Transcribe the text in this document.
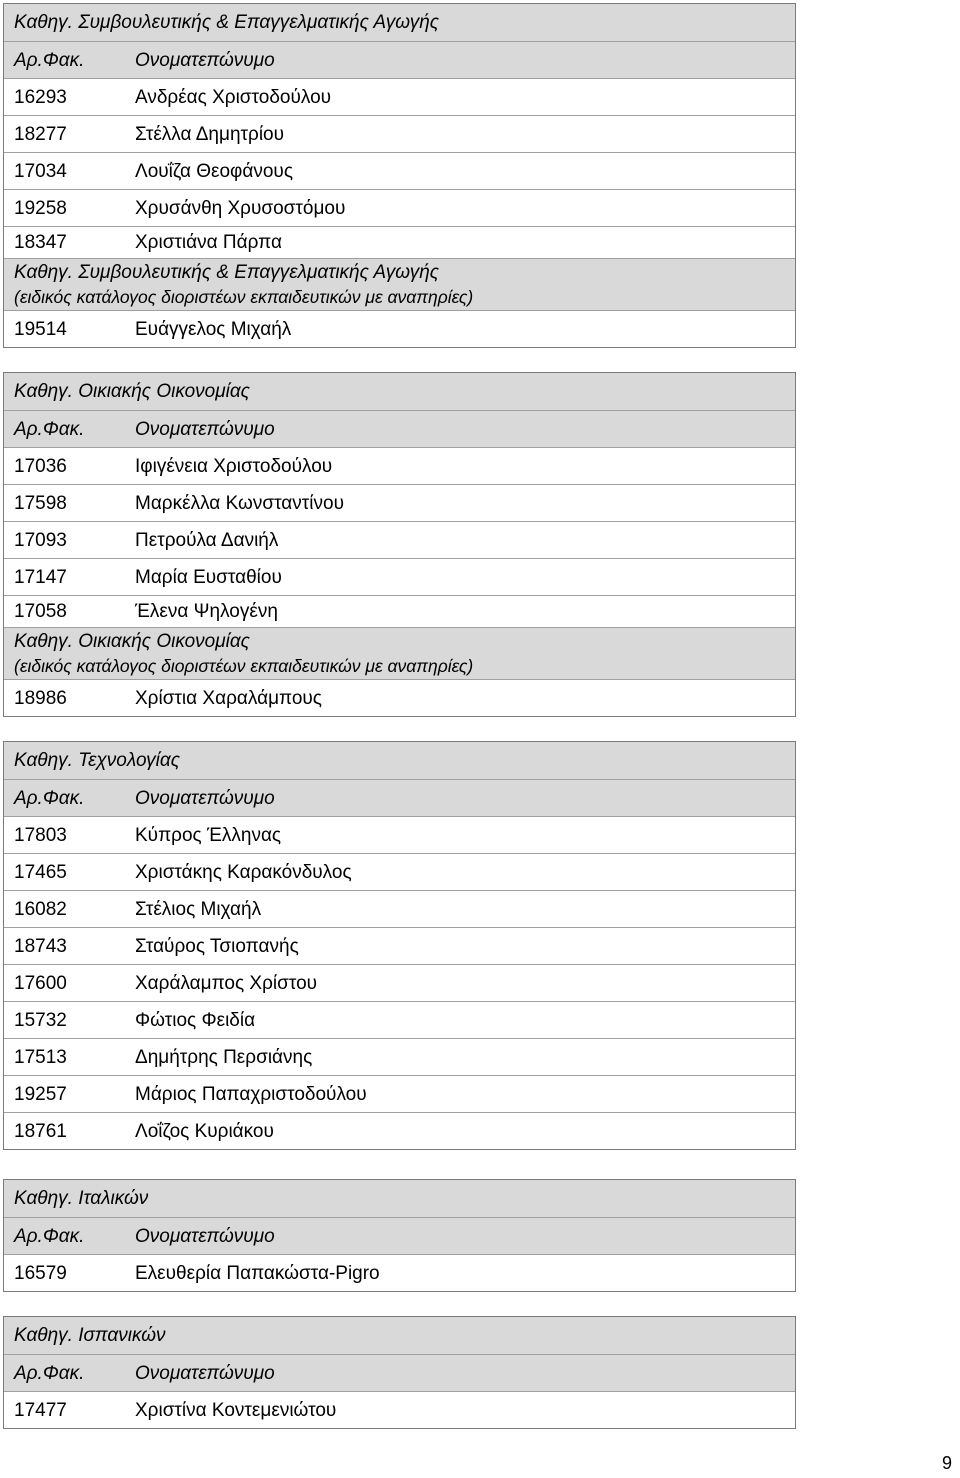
Καθηγ. Συμβουλευτικής & Επαγγελματικής Αγωγής
Αρ.Φακ.	Ονοματεπώνυμο
16293	Ανδρέας Χριστοδούλου
18277	Στέλλα Δημητρίου
17034	Λουΐζα Θεοφάνους
19258	Χρυσάνθη Χρυσοστόμου
18347	Χριστιάνα Πάρπα
Καθηγ. Συμβουλευτικής & Επαγγελματικής Αγωγής
(ειδικός κατάλογος διοριστέων εκπαιδευτικών με αναπηρίες)
19514	Ευάγγελος Μιχαήλ
Καθηγ. Οικιακής Οικονομίας
Αρ.Φακ.	Ονοματεπώνυμο
17036	Ιφιγένεια Χριστοδούλου
17598	Μαρκέλλα Κωνσταντίνου
17093	Πετρούλα Δανιήλ
17147	Μαρία Ευσταθίου
17058	Έλενα Ψηλογένη
Καθηγ. Οικιακής Οικονομίας
(ειδικός κατάλογος διοριστέων εκπαιδευτικών με αναπηρίες)
18986	Χρίστια Χαραλάμπους
Καθηγ. Τεχνολογίας
Αρ.Φακ.	Ονοματεπώνυμο
17803	Κύπρος Έλληνας
17465	Χριστάκης Καρακόνδυλος
16082	Στέλιος Μιχαήλ
18743	Σταύρος Τσιοπανής
17600	Χαράλαμπος Χρίστου
15732	Φώτιος Φειδία
17513	Δημήτρης Περσιάνης
19257	Μάριος Παπαχριστοδούλου
18761	Λοΐζος Κυριάκου
Καθηγ. Ιταλικών
Αρ.Φακ.	Ονοματεπώνυμο
16579	Ελευθερία Παπακώστα-Pigro
Καθηγ. Ισπανικών
Αρ.Φακ.	Ονοματεπώνυμο
17477	Χριστίνα Κοντεμενιώτου
9
